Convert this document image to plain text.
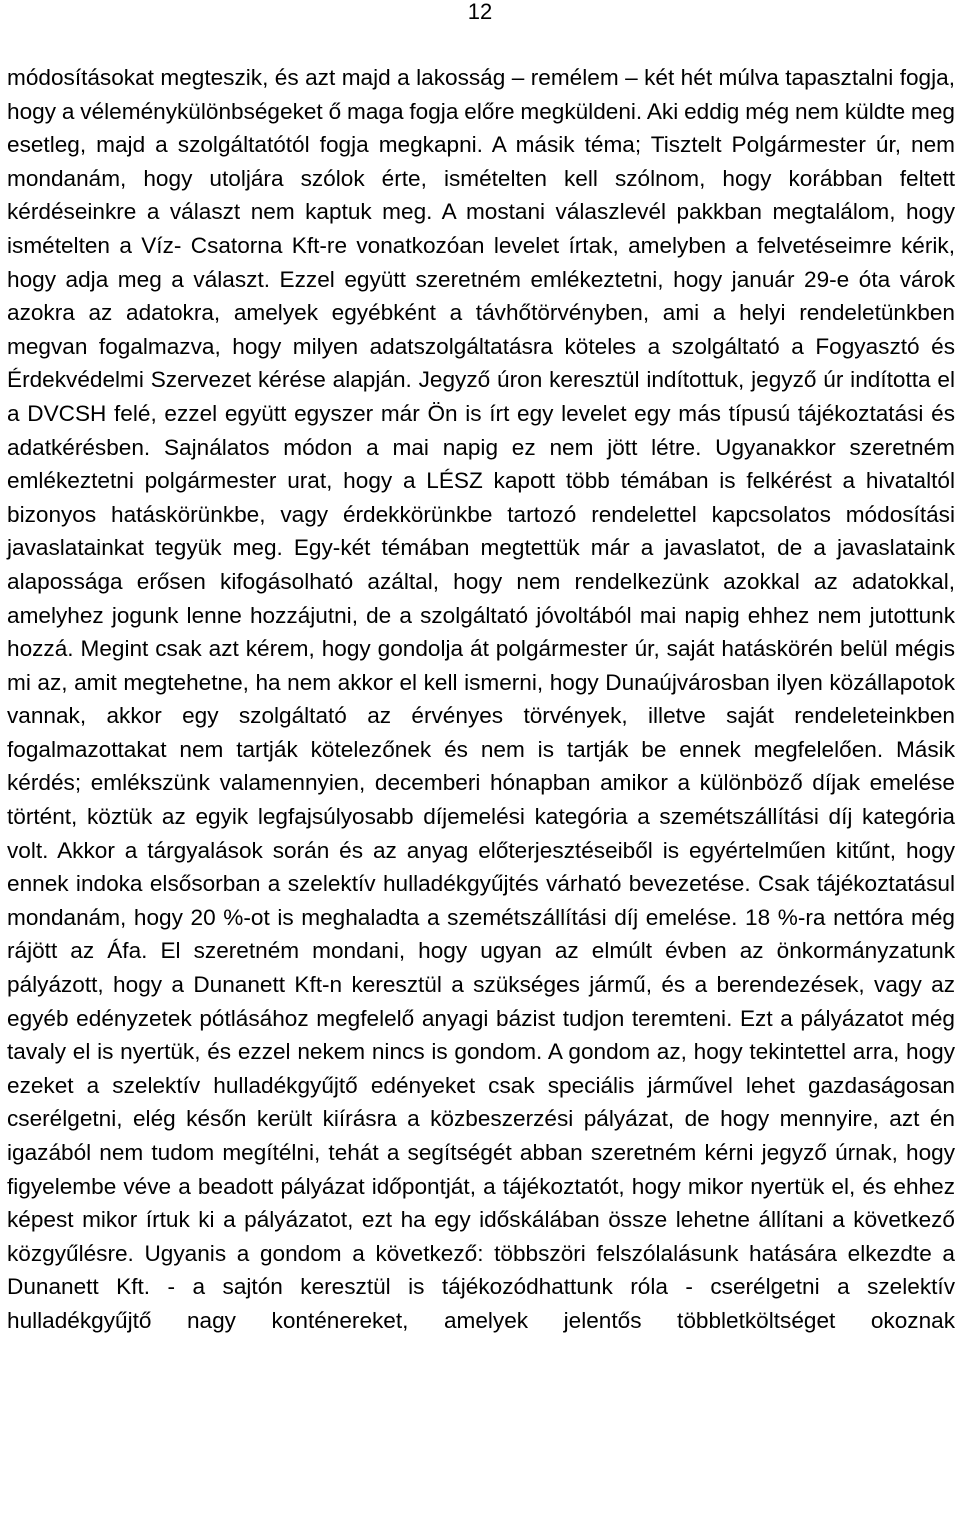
12

módosításokat megteszik, és azt majd a lakosság – remélem – két hét múlva tapasztalni fogja, hogy a véleménykülönbségeket ő maga fogja előre megküldeni. Aki eddig még nem küldte meg esetleg, majd a szolgáltatótól fogja megkapni. A másik téma; Tisztelt Polgármester úr, nem mondanám, hogy utoljára szólok érte, ismételten kell szólnom, hogy korábban feltett kérdéseinkre a választ nem kaptuk meg. A mostani válaszlevél pakkban megtalálom, hogy ismételten a Víz- Csatorna Kft-re vonatkozóan levelet írtak, amelyben a felvetéseimre kérik, hogy adja meg a választ. Ezzel együtt szeretném emlékeztetni, hogy január 29-e óta várok azokra az adatokra, amelyek egyébként a távhőtörvényben, ami a helyi rendeletünkben megvan fogalmazva, hogy milyen adatszolgáltatásra köteles a szolgáltató a Fogyasztó és Érdekvédelmi Szervezet kérése alapján. Jegyző úron keresztül indítottuk, jegyző úr indította el a DVCSH felé, ezzel együtt egyszer már Ön is írt egy levelet egy más típusú tájékoztatási és adatkérésben. Sajnálatos módon a mai napig ez nem jött létre. Ugyanakkor szeretném emlékeztetni polgármester urat, hogy a LÉSZ kapott több témában is felkérést a hivataltól bizonyos hatáskörünkbe, vagy érdekkörünkbe tartozó rendelettel kapcsolatos módosítási javaslatainkat tegyük meg. Egy-két témában megtettük már a javaslatot, de a javaslataink alapossága erősen kifogásolható azáltal, hogy nem rendelkezünk azokkal az adatokkal, amelyhez jogunk lenne hozzájutni, de a szolgáltató jóvoltából mai napig ehhez nem jutottunk hozzá. Megint csak azt kérem, hogy gondolja át polgármester úr, saját hatáskörén belül mégis mi az, amit megtehetne, ha nem akkor el kell ismerni, hogy Dunaújvárosban ilyen közállapotok vannak, akkor egy szolgáltató az érvényes törvények, illetve saját rendeleteinkben fogalmazottakat nem tartják kötelezőnek és nem is tartják be ennek megfelelően. Másik kérdés; emlékszünk valamennyien, decemberi hónapban amikor a különböző díjak emelése történt, köztük az egyik legfajsúlyosabb díjemelési kategória a szemétszállítási díj kategória volt. Akkor a tárgyalások során és az anyag előterjesztéseiből is egyértelműen kitűnt, hogy ennek indoka elsősorban a szelektív hulladékgyűjtés várható bevezetése. Csak tájékoztatásul mondanám, hogy 20 %-ot is meghaladta a szemétszállítási díj emelése. 18 %-ra nettóra még rájött az Áfa. El szeretném mondani, hogy ugyan az elmúlt évben az önkormányzatunk pályázott, hogy a Dunanett Kft-n keresztül a szükséges jármű, és a berendezések, vagy az egyéb edényzetek pótlásához megfelelő anyagi bázist tudjon teremteni. Ezt a pályázatot még tavaly el is nyertük, és ezzel nekem nincs is gondom. A gondom az, hogy tekintettel arra, hogy ezeket a szelektív hulladékgyűjtő edényeket csak speciális járművel lehet gazdaságosan cserélgetni, elég későn került kiírásra a közbeszerzési pályázat, de hogy mennyire, azt én igazából nem tudom megítélni, tehát a segítségét abban szeretném kérni jegyző úrnak, hogy figyelembe véve a beadott pályázat időpontját, a tájékoztatót, hogy mikor nyertük el, és ehhez képest mikor írtuk ki a pályázatot, ezt ha egy időskálában össze lehetne állítani a következő közgyűlésre. Ugyanis a gondom a következő: többszöri felszólalásunk hatására elkezdte a Dunanett Kft. - a sajtón keresztül is tájékozódhattunk róla - cserélgetni a szelektív hulladékgyűjtő nagy konténereket, amelyek jelentős többletköltséget okoznak
